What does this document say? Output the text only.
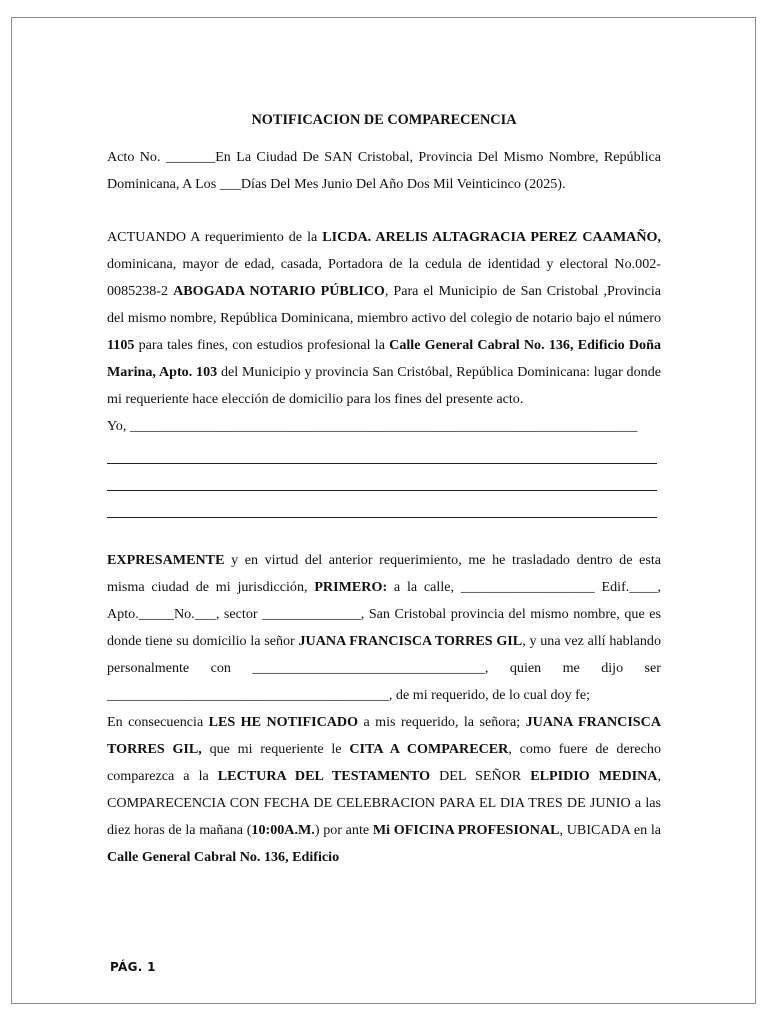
NOTIFICACION DE COMPARECENCIA

Acto No. _______En La Ciudad De SAN Cristobal, Provincia Del Mismo Nombre, República Dominicana, A Los ___Días Del Mes Junio Del Año Dos Mil Veinticinco (2025).

ACTUANDO A requerimiento de la LICDA. ARELIS ALTAGRACIA PEREZ CAAMAÑO, dominicana, mayor de edad, casada, Portadora de la cedula de identidad y electoral No.002-0085238-2 ABOGADA NOTARIO PÚBLICO, Para el Municipio de San Cristobal ,Provincia del mismo nombre, República Dominicana, miembro activo del colegio de notario bajo el número 1105 para tales fines, con estudios profesional la Calle General Cabral No. 136, Edificio Doña Marina, Apto. 103 del Municipio y provincia San Cristóbal, República Dominicana: lugar donde mi requeriente hace elección de domicilio para los fines del presente acto.

Yo, ________________________________________________________________________

EXPRESAMENTE y en virtud del anterior requerimiento, me he trasladado dentro de esta misma ciudad de mi jurisdicción, PRIMERO: a la calle, ___________________ Edif.____, Apto._____No.___, sector ______________, San Cristobal provincia del mismo nombre, que es donde tiene su domicilio la señor JUANA FRANCISCA TORRES GIL, y una vez allí hablando personalmente con _________________________________, quien me dijo ser ________________________________________, de mi requerido, de lo cual doy fe;

En consecuencia LES HE NOTIFICADO a mis requerido, la señora; JUANA FRANCISCA TORRES GIL, que mi requeriente le CITA A COMPARECER, como fuere de derecho comparezca a la LECTURA DEL TESTAMENTO DEL SEÑOR ELPIDIO MEDINA, COMPARECENCIA CON FECHA DE CELEBRACION PARA EL DIA TRES DE JUNIO a las diez horas de la mañana (10:00A.M.) por ante Mi OFICINA PROFESIONAL, UBICADA en la Calle General Cabral No. 136, Edificio

PÁG. 1
